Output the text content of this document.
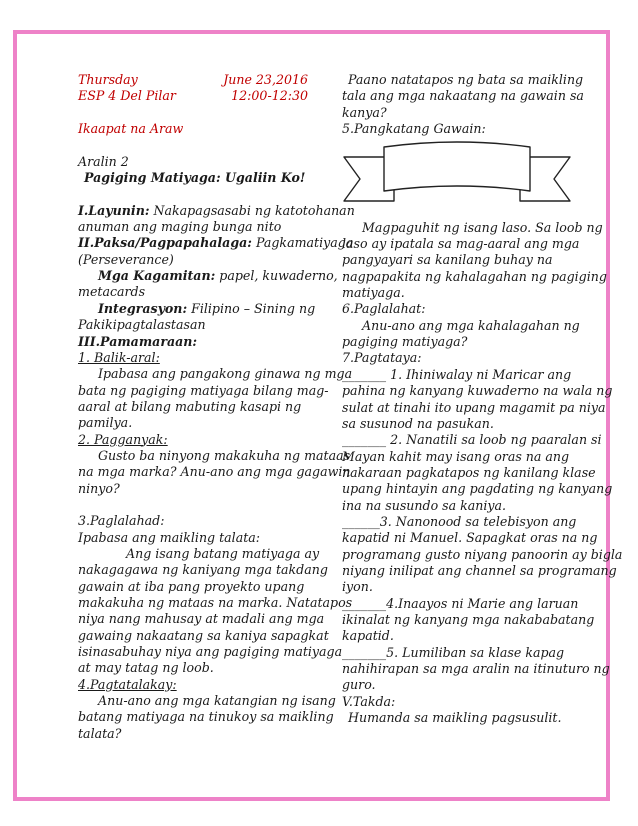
Thursday	June 23,2016
ESP 4 Del Pilar	12:00-12:30
Ikaapat na Araw
Aralin 2
Pagiging Matiyaga: Ugaliin Ko!
I.Layunin: Nakapagsasabi ng katotohanan
anuman ang maging bunga nito
II.Paksa/Pagpapahalaga: Pagkamatiyaga
(Perseverance)
Mga Kagamitan: papel, kuwaderno,
metacards
Integrasyon: Filipino – Sining ng
Pakikipagtalastasan
III.Pamamaraan:
1. Balik-aral:
Ipabasa ang pangakong ginawa ng mga
bata ng pagiging matiyaga bilang mag-
aaral at bilang mabuting kasapi ng
pamilya.
2. Pagganyak:
Gusto ba ninyong makakuha ng mataas
na mga marka? Anu-ano ang mga gagawin
ninyo?
3.Paglalahad:
Ipabasa ang maikling talata:
Ang isang batang matiyaga ay
nakagagawa ng kaniyang mga takdang
gawain at iba pang proyekto upang
makakuha ng mataas na marka. Natatapos
niya nang mahusay at madali ang mga
gawaing nakaatang sa kaniya sapagkat
isinasabuhay niya ang pagiging matiyaga
at may tatag ng loob.
4.Pagtatalakay:
Anu-ano ang mga katangian ng isang
batang matiyaga na tinukoy sa maikling
talata?
Paano natatapos ng bata sa maikling
tala ang mga nakaatang na gawain sa
kanya?
5.Pangkatang Gawain:
Magpaguhit ng isang laso. Sa loob ng
laso ay ipatala sa mag-aaral ang mga
pangyayari sa kanilang buhay na
nagpapakita ng kahalagahan ng pagiging
matiyaga.
6.Paglalahat:
Anu-ano ang mga kahalagahan ng
pagiging matiyaga?
7.Pagtataya:
_______ 1. Ihiniwalay ni Maricar ang
pahina ng kanyang kuwaderno na wala ng
sulat at tinahi ito upang magamit pa niya
sa susunod na pasukan.
_______ 2. Nanatili sa loob ng paaralan si
Mayan kahit may isang oras na ang
nakaraan pagkatapos ng kanilang klase
upang hintayin ang pagdating ng kanyang
ina na susundo sa kaniya.
______3. Nanonood sa telebisyon ang
kapatid ni Manuel. Sapagkat oras na ng
programang gusto niyang panoorin ay bigla
niyang inilipat ang channel sa programang
iyon.
_______4.Inaayos ni Marie ang laruan
ikinalat ng kanyang mga nakababatang
kapatid.
_______5. Lumiliban sa klase kapag
nahihirapan sa mga aralin na itinuturo ng
guro.
V.Takda:
Humanda sa maikling pagsusulit.
